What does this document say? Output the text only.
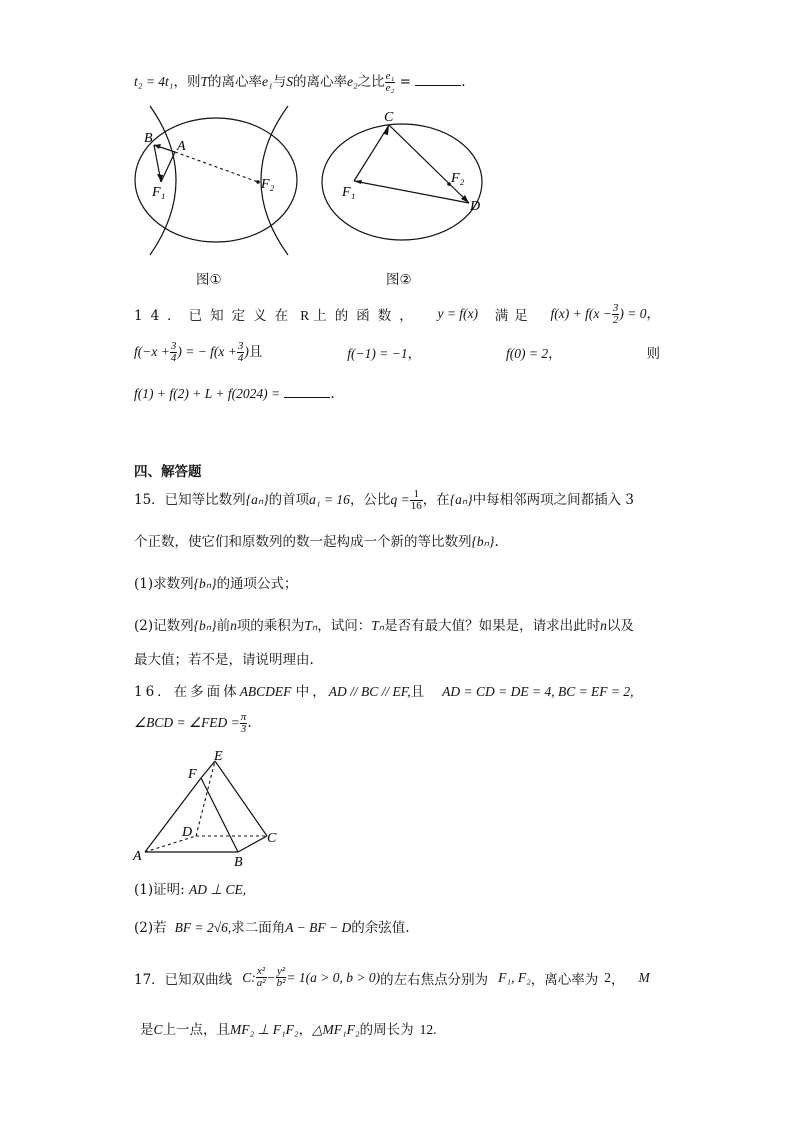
t₂ = 4t₁，则T的离心率e₁与S的离心率e₂之比 $\frac{\text{e₁}}{\text{e₂}}$ =	.
B
A
F₁
F₂
图①
C
F₁
F₂
D
图②
14．已知定义在 R 上的函数， y = f(x) 满足 $f(x) + f(x - \frac{3}{2}$ ) = 0，
$f(-x + \frac{3}{4}$ ) = − $f(x + \frac{3}{4}$ )且	f(−1) = −1，	f(0) = 2，	则
f(1) + f(2) + L + f(2024) =	.
四、解答题
15．已知等比数列{aₙ}的首项a₁ = 16，公比$q = \frac{1}{16}$ ，在{aₙ}中每相邻两项之间都插入 3
个正数，使它们和原数列的数一起构成一个新的等比数列{bₙ}.
(1)求数列{bₙ}的通项公式；
(2)记数列{bₙ}前n项的乘积为Tₙ，试问：Tₙ是否有最大值？如果是，请求出此时n以及
最大值；若不是，请说明理由.
16．在多面体ABCDEF 中，AD // BC // EF,且 AD = CD = DE = 4, BC = EF = 2,
∠BCD = ∠FED = $\frac{\pi}{3}$ .
A	B
C
D
E
F
(1)证明: AD ⊥ CE,
(2)若 BF = 2√6,求二面角A − BF − D的余弦值.
17．已知双曲线 C: $\frac{\text{x²}}{\text{a²}} - \frac{\text{y²}}{\text{b²}} = 1(a > 0$, b > 0) 的左右焦点分别为 F₁, F₂ ，离心率为 2 ， M
是C上一点，且MF₂ ⊥ F₁F₂，△MF₁F₂的周长为 12.
